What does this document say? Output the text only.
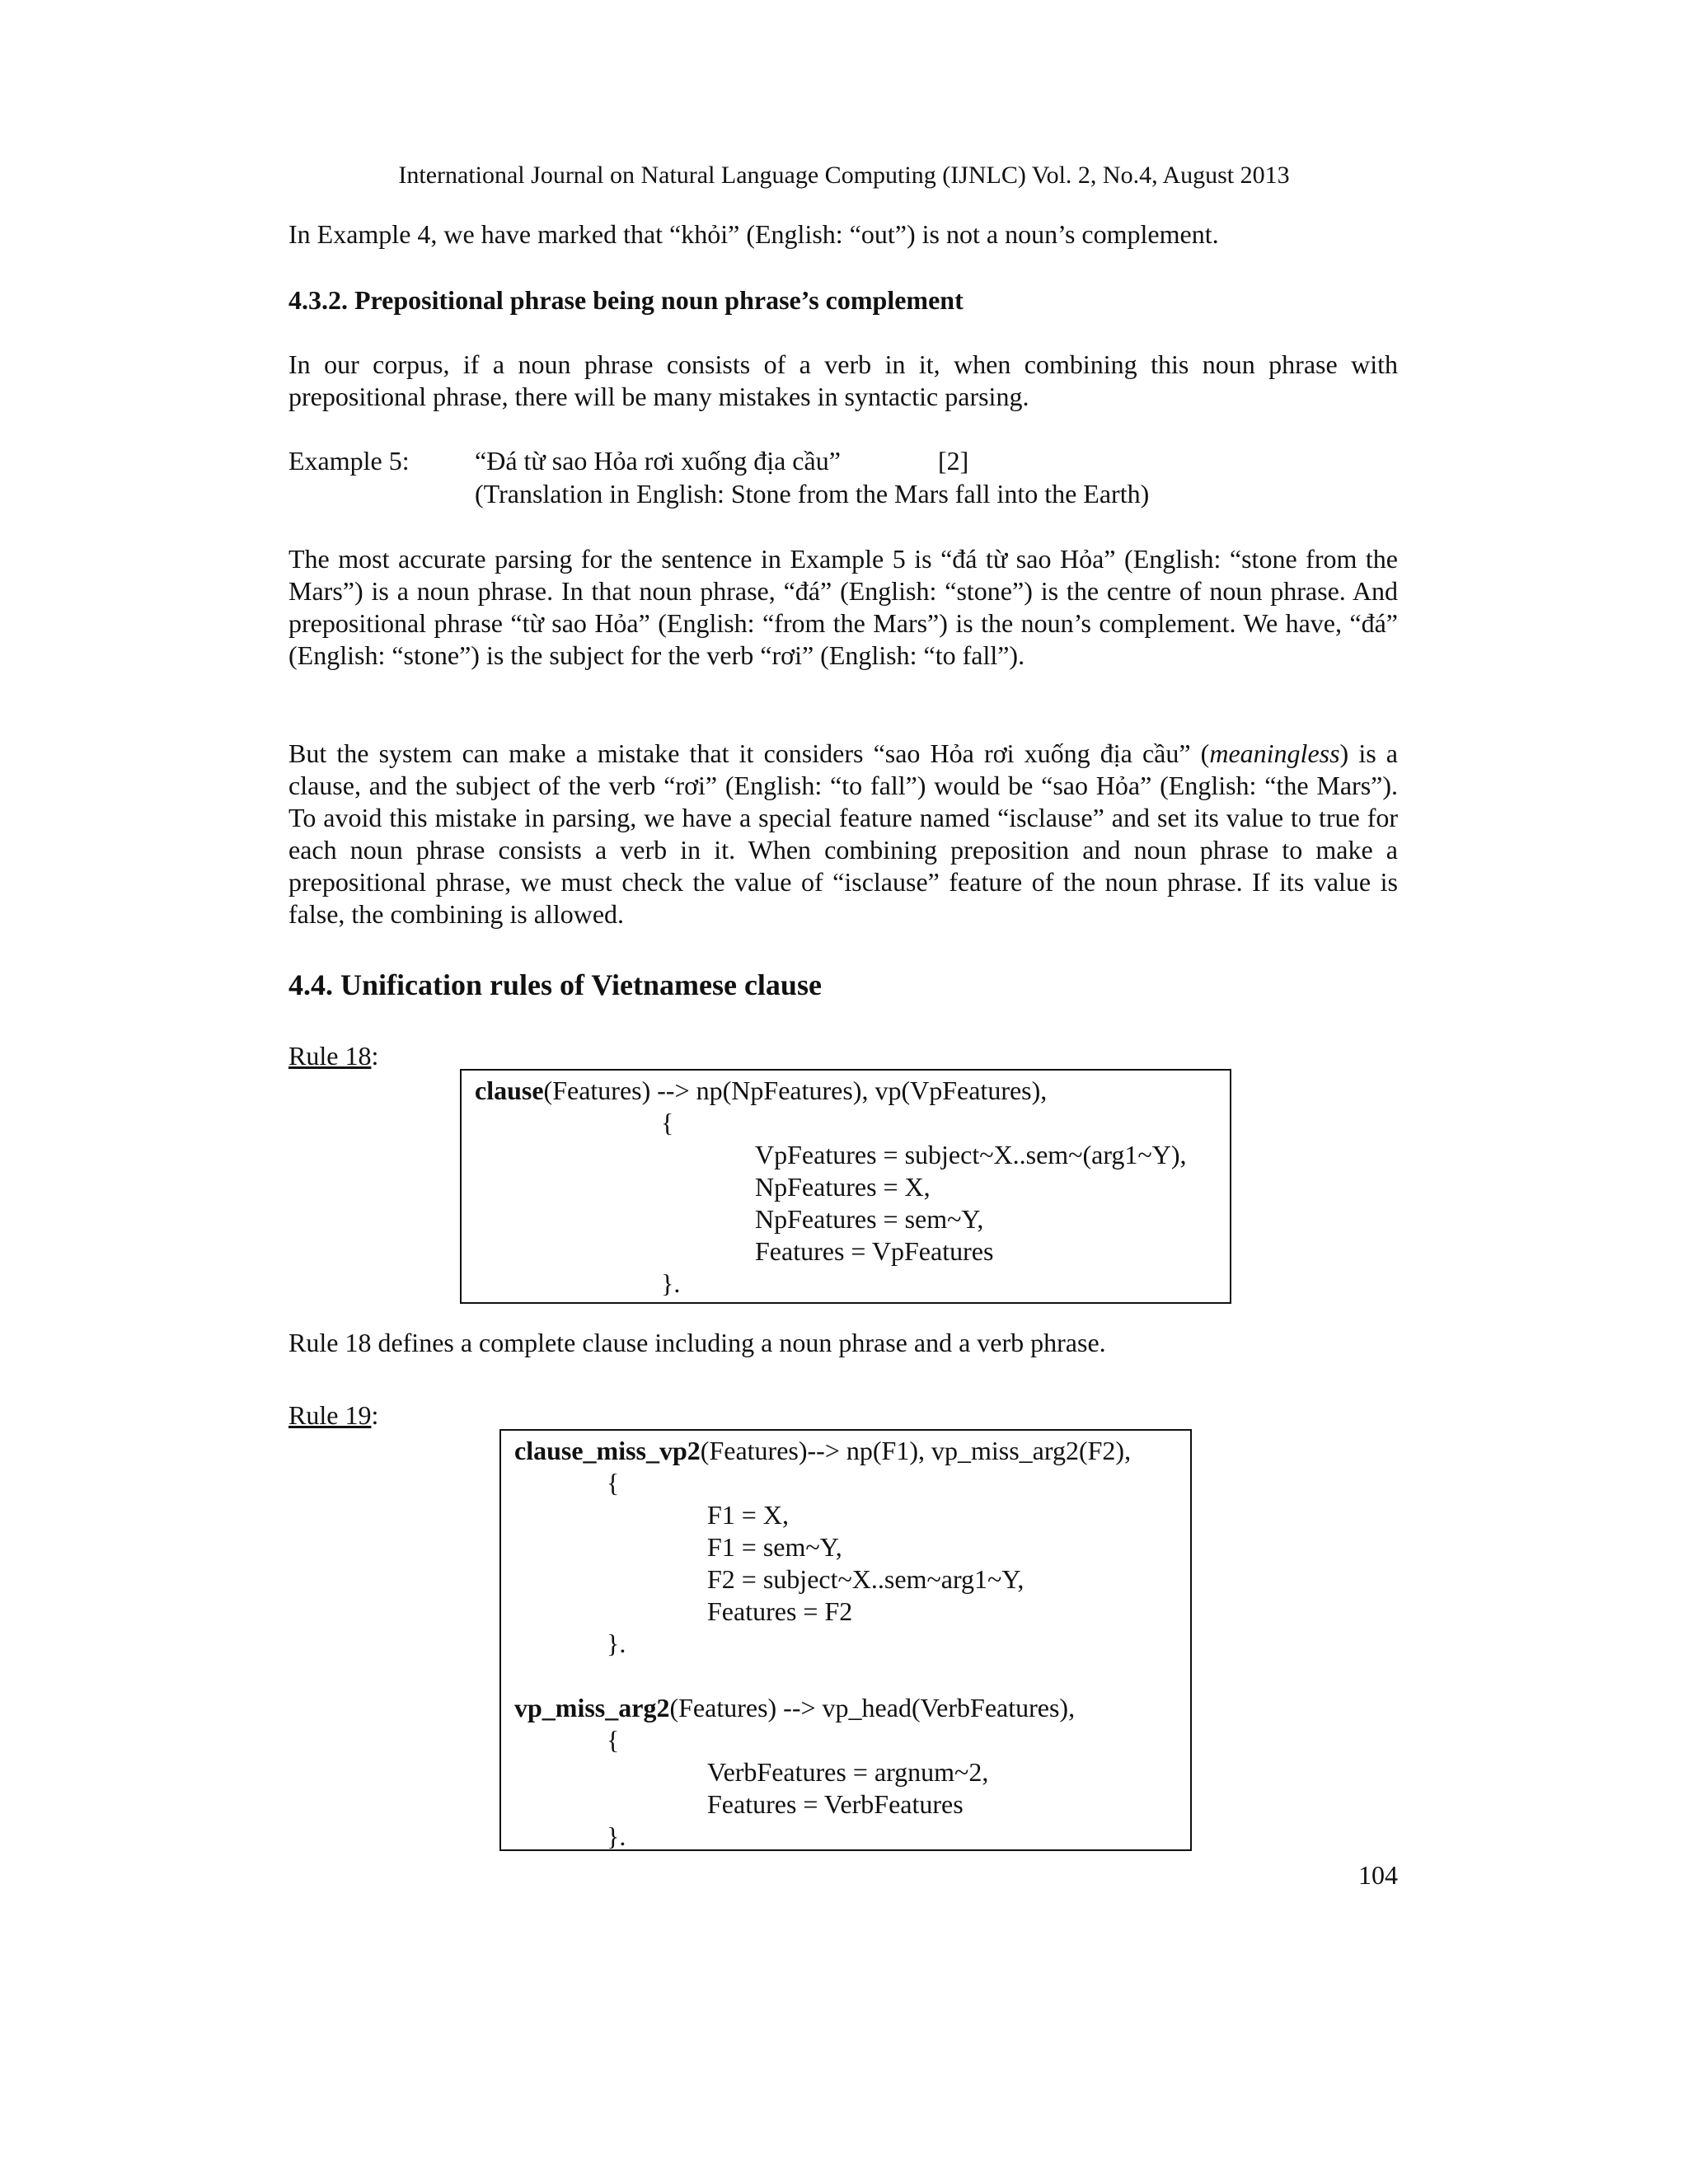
International Journal on Natural Language Computing (IJNLC) Vol. 2, No.4, August 2013
In Example 4, we have marked that “khỏi” (English: “out”) is not a noun’s complement.
4.3.2. Prepositional phrase being noun phrase’s complement
In our corpus, if a noun phrase consists of a verb in it, when combining this noun phrase with prepositional phrase, there will be many mistakes in syntactic parsing.
Example 5:	“Đá từ sao Hỏa rơi xuống địa cầu”	[2]
(Translation in English: Stone from the Mars fall into the Earth)
The most accurate parsing for the sentence in Example 5 is “đá từ sao Hỏa” (English: “stone from the Mars”) is a noun phrase. In that noun phrase, “đá” (English: “stone”) is the centre of noun phrase. And prepositional phrase “từ sao Hỏa” (English: “from the Mars”) is the noun’s complement. We have, “đá” (English: “stone”) is the subject for the verb “rơi” (English: “to fall”).
But the system can make a mistake that it considers “sao Hỏa rơi xuống địa cầu” (meaningless) is a clause, and the subject of the verb “rơi” (English: “to fall”) would be “sao Hỏa” (English: “the Mars”). To avoid this mistake in parsing, we have a special feature named “isclause” and set its value to true for each noun phrase consists a verb in it. When combining preposition and noun phrase to make a prepositional phrase, we must check the value of “isclause” feature of the noun phrase. If its value is false, the combining is allowed.
4.4. Unification rules of Vietnamese clause
Rule 18:
clause(Features) --> np(NpFeatures), vp(VpFeatures),
{
VpFeatures = subject~X..sem~(arg1~Y),
NpFeatures = X,
NpFeatures = sem~Y,
Features = VpFeatures
}.
Rule 18 defines a complete clause including a noun phrase and a verb phrase.
Rule 19:
clause_miss_vp2(Features)--> np(F1), vp_miss_arg2(F2),
{
F1 = X,
F1 = sem~Y,
F2 = subject~X..sem~arg1~Y,
Features = F2
}.
vp_miss_arg2(Features) --> vp_head(VerbFeatures),
{
VerbFeatures = argnum~2,
Features = VerbFeatures
}.
104
